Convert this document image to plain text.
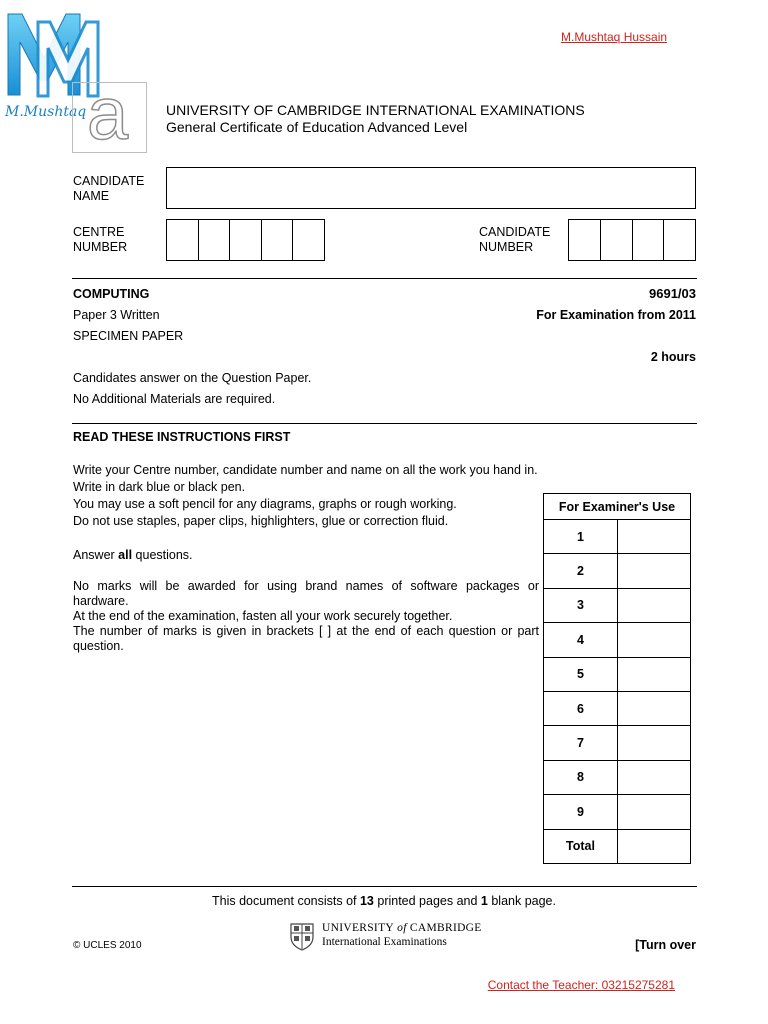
M.Mushtaq a
M.Mushtaq Hussain
UNIVERSITY OF CAMBRIDGE INTERNATIONAL EXAMINATIONS
General Certificate of Education Advanced Level
CANDIDATE
NAME
CENTRE
NUMBER
CANDIDATE
NUMBER
COMPUTING	9691/03
Paper 3 Written	For Examination from 2011
SPECIMEN PAPER
2 hours
Candidates answer on the Question Paper.
No Additional Materials are required.
READ THESE INSTRUCTIONS FIRST
Write your Centre number, candidate number and name on all the work you hand in.
Write in dark blue or black pen.
You may use a soft pencil for any diagrams, graphs or rough working.
Do not use staples, paper clips, highlighters, glue or correction fluid.
Answer all questions.
No marks will be awarded for using brand names of software packages or hardware.
At the end of the examination, fasten all your work securely together.
The number of marks is given in brackets [ ] at the end of each question or part question.
For Examiner's Use	
1	
2	
3	
4	
5	
6	
7	
8	
9	
Total	
This document consists of 13 printed pages and 1 blank page.
© UCLES 2010
UNIVERSITY of CAMBRIDGE
International Examinations	[Turn over
Contact the Teacher: 03215275281
